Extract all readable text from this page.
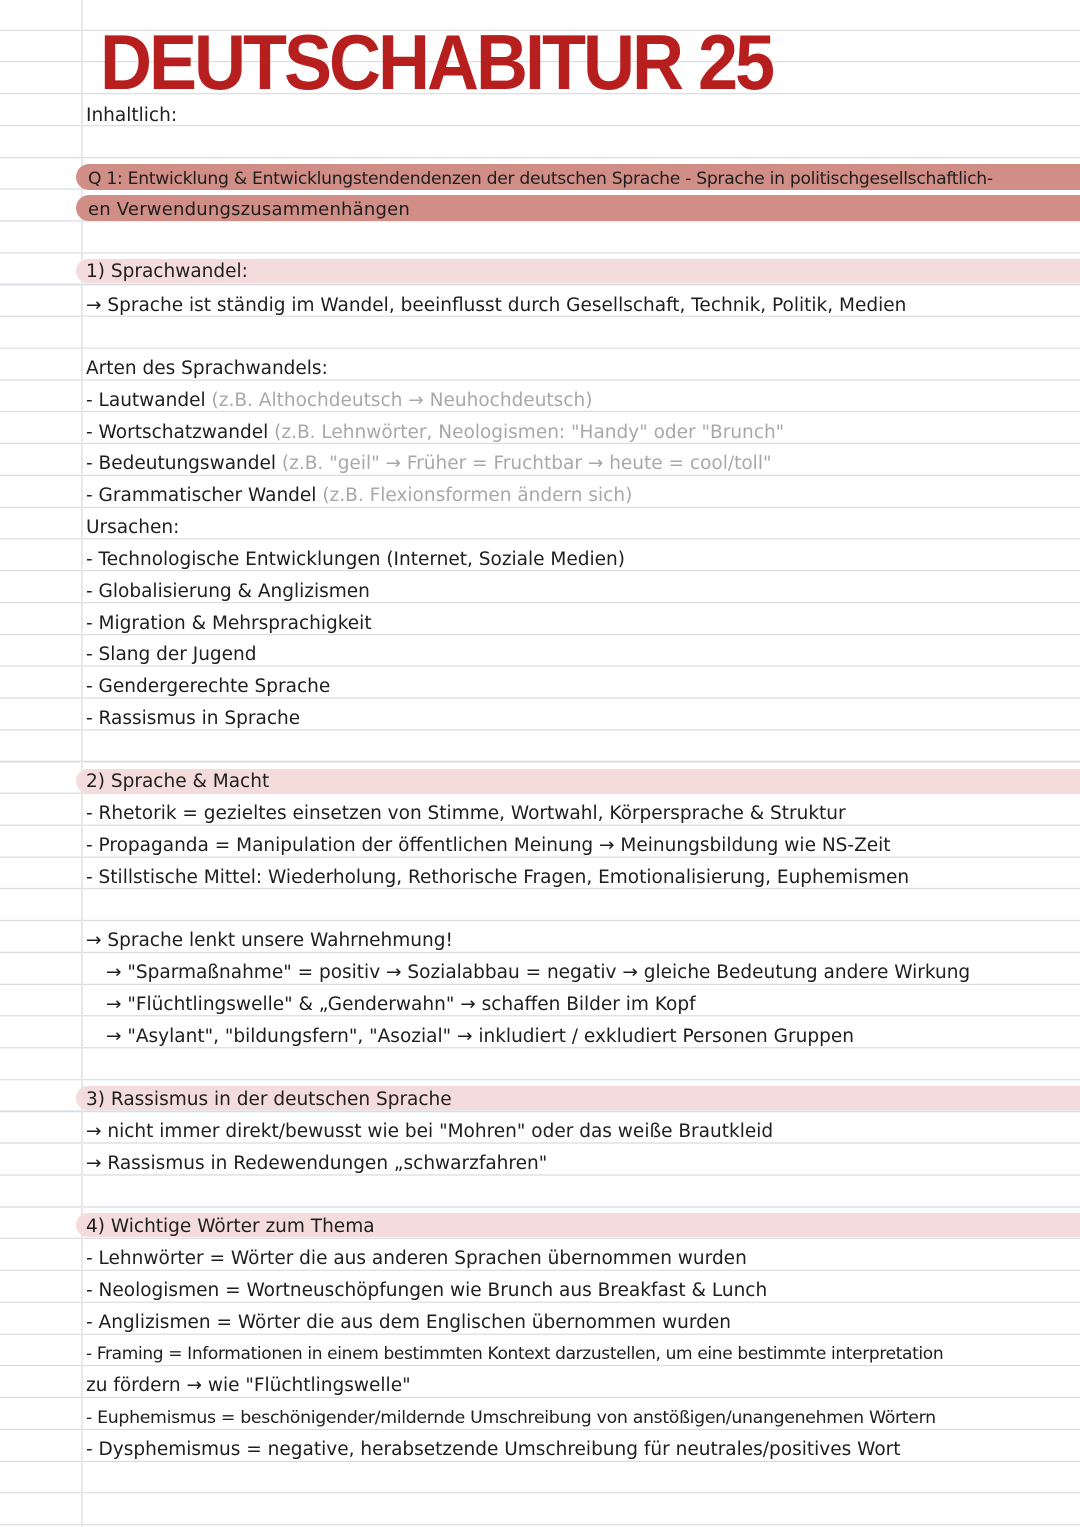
DEUTSCHABITUR 25
Inhaltlich:
Q 1: Entwicklung & Entwicklungstendendenzen der deutschen Sprache - Sprache in politischgesellschaftlich-
en Verwendungszusammenhängen
1) Sprachwandel:
→ Sprache ist ständig im Wandel, beeinflusst durch Gesellschaft, Technik, Politik, Medien
Arten des Sprachwandels:
- Lautwandel (z.B. Althochdeutsch → Neuhochdeutsch)
- Wortschatzwandel (z.B. Lehnwörter, Neologismen: "Handy" oder "Brunch"
- Bedeutungswandel (z.B. "geil" → Früher = Fruchtbar → heute = cool/toll"
- Grammatischer Wandel (z.B. Flexionsformen ändern sich)
Ursachen:
- Technologische Entwicklungen (Internet, Soziale Medien)
- Globalisierung & Anglizismen
- Migration & Mehrsprachigkeit
- Slang der Jugend
- Gendergerechte Sprache
- Rassismus in Sprache
2) Sprache & Macht
- Rhetorik = gezieltes einsetzen von Stimme, Wortwahl, Körpersprache & Struktur
- Propaganda = Manipulation der öffentlichen Meinung → Meinungsbildung wie NS-Zeit
- Stillstische Mittel: Wiederholung, Rethorische Fragen, Emotionalisierung, Euphemismen
→ Sprache lenkt unsere Wahrnehmung!
→ "Sparmaßnahme" = positiv → Sozialabbau = negativ → gleiche Bedeutung andere Wirkung
→ "Flüchtlingswelle" & „Genderwahn" → schaffen Bilder im Kopf
→ "Asylant", "bildungsfern", "Asozial" → inkludiert / exkludiert Personen Gruppen
3) Rassismus in der deutschen Sprache
→ nicht immer direkt/bewusst wie bei "Mohren" oder das weiße Brautkleid
→ Rassismus in Redewendungen „schwarzfahren"
4) Wichtige Wörter zum Thema
- Lehnwörter = Wörter die aus anderen Sprachen übernommen wurden
- Neologismen = Wortneuschöpfungen wie Brunch aus Breakfast & Lunch
- Anglizismen = Wörter die aus dem Englischen übernommen wurden
- Framing = Informationen in einem bestimmten Kontext darzustellen, um eine bestimmte interpretation
zu fördern → wie "Flüchtlingswelle"
- Euphemismus = beschönigender/mildernde Umschreibung von anstößigen/unangenehmen Wörtern
- Dysphemismus = negative, herabsetzende Umschreibung für neutrales/positives Wort
